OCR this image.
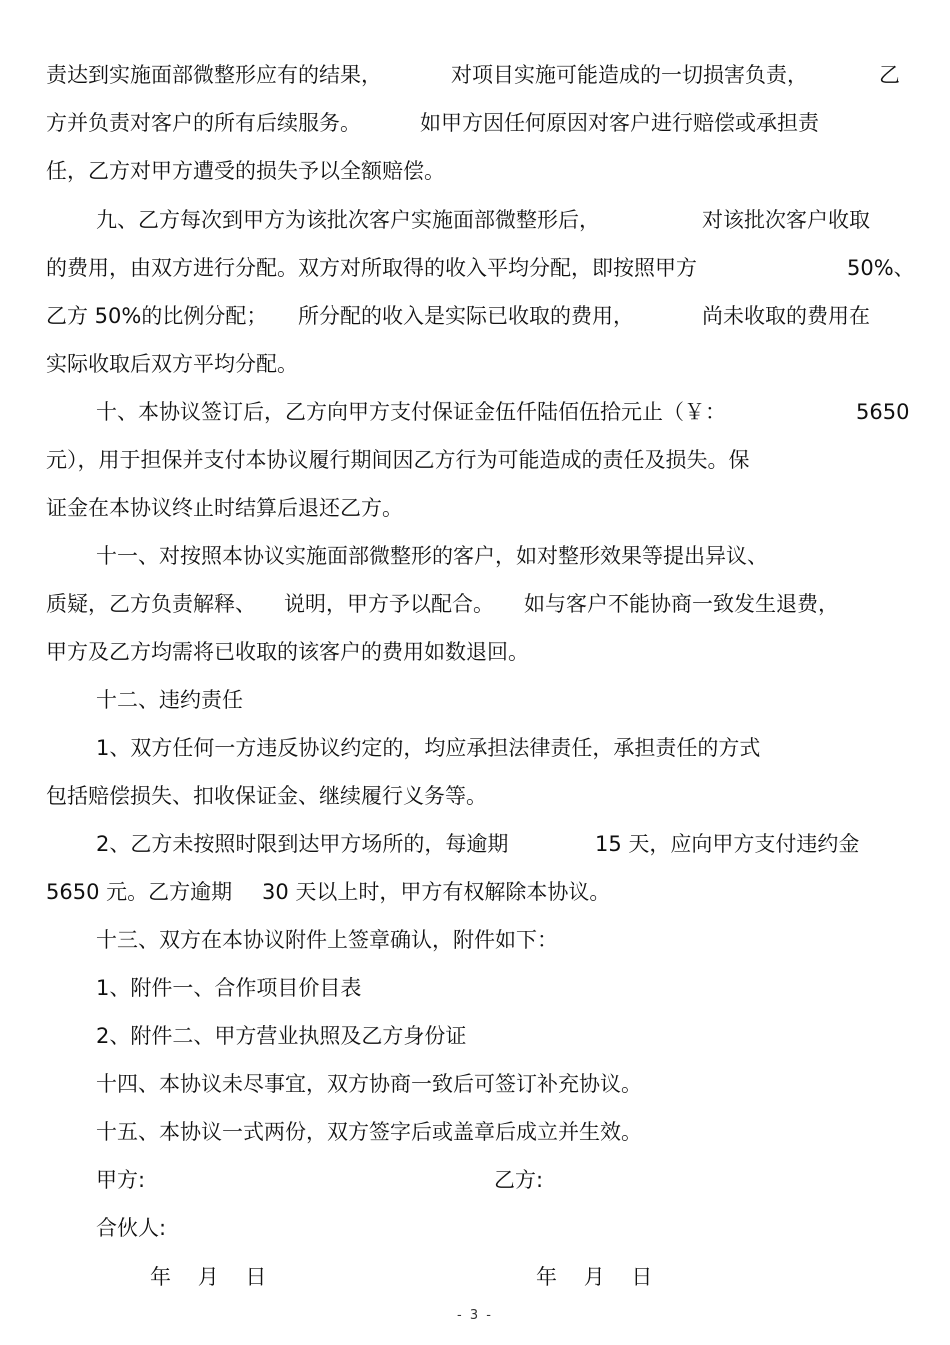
责达到实施面部微整形应有的结果，	对项目实施可能造成的一切损害负责，	乙
方并负责对客户的所有后续服务。	如甲方因任何原因对客户进行赔偿或承担责
任，乙方对甲方遭受的损失予以全额赔偿。
九、乙方每次到甲方为该批次客户实施面部微整形后，	对该批次客户收取
的费用，由双方进行分配。双方对所取得的收入平均分配，即按照甲方	50%、
乙方 50%的比例分配； 所分配的收入是实际已收取的费用，	尚未收取的费用在
实际收取后双方平均分配。
十、本协议签订后，乙方向甲方支付保证金伍仟陆佰伍拾元止（￥：	5650
元），用于担保并支付本协议履行期间因乙方行为可能造成的责任及损失。保
证金在本协议终止时结算后退还乙方。
十一、对按照本协议实施面部微整形的客户，如对整形效果等提出异议、
质疑，乙方负责解释、 说明，甲方予以配合。 如与客户不能协商一致发生退费，
甲方及乙方均需将已收取的该客户的费用如数退回。
十二、违约责任
1、双方任何一方违反协议约定的，均应承担法律责任，承担责任的方式
包括赔偿损失、扣收保证金、继续履行义务等。
2、乙方未按照时限到达甲方场所的，每逾期	15 天，应向甲方支付违约金
5650 元。乙方逾期 30 天以上时，甲方有权解除本协议。
十三、双方在本协议附件上签章确认，附件如下：
1、附件一、合作项目价目表
2、附件二、甲方营业执照及乙方身份证
十四、本协议未尽事宜，双方协商一致后可签订补充协议。
十五、本协议一式两份，双方签字后或盖章后成立并生效。
甲方:	乙方:
合伙人:
年    月    日	年    月    日
- 3 -
